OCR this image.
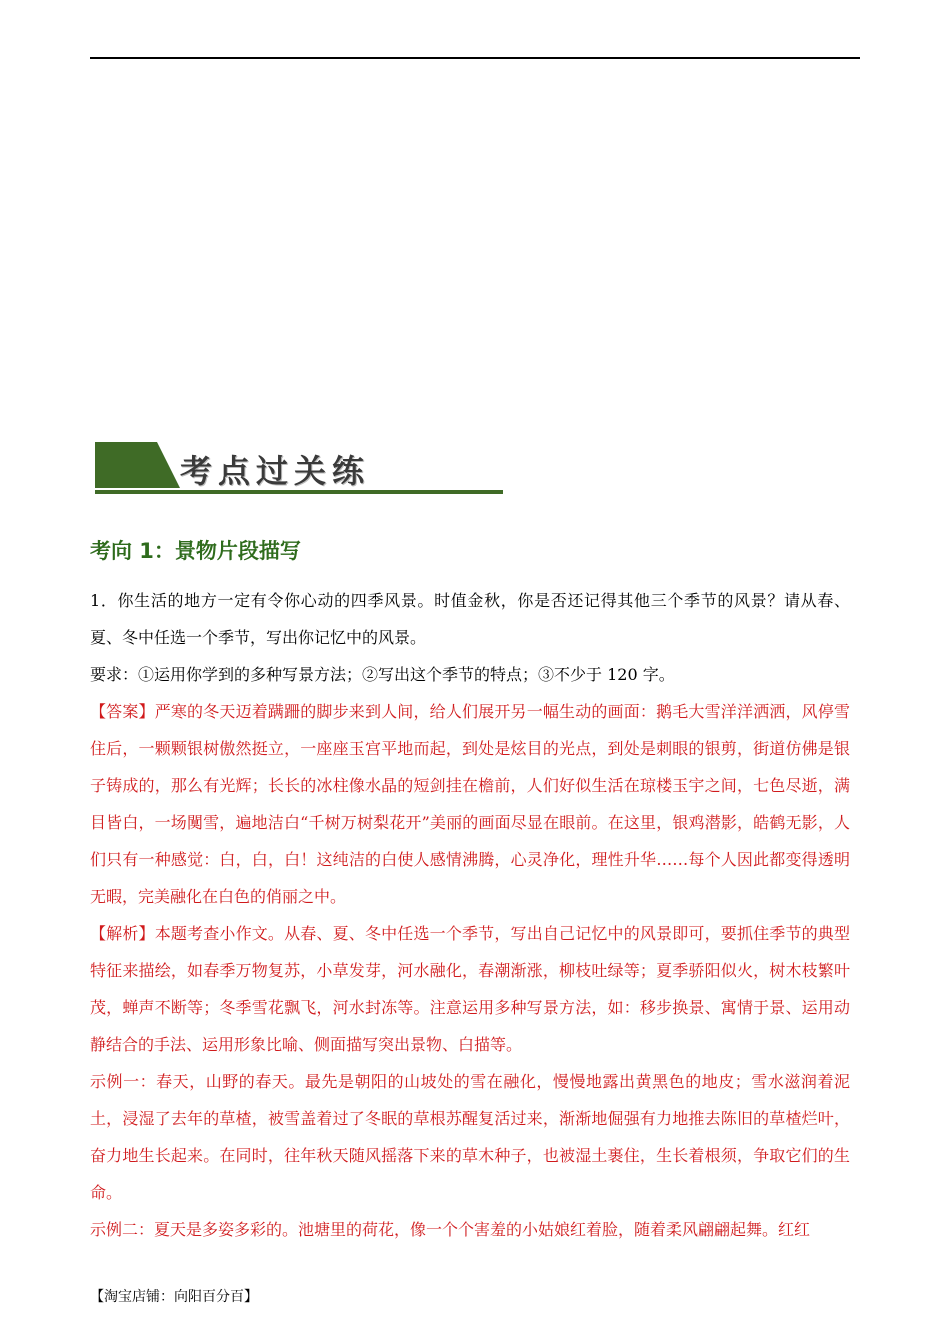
考点过关练
考向 1：景物片段描写

1．你生活的地方一定有令你心动的四季风景。时值金秋，你是否还记得其他三个季节的风景？请从春、夏、冬中任选一个季节，写出你记忆中的风景。

要求：①运用你学到的多种写景方法；②写出这个季节的特点；③不少于 120 字。

【答案】严寒的冬天迈着蹒跚的脚步来到人间，给人们展开另一幅生动的画面：鹅毛大雪洋洋洒洒，风停雪住后，一颗颗银树傲然挺立，一座座玉宫平地而起，到处是炫目的光点，到处是刺眼的银剪，街道仿佛是银子铸成的，那么有光辉；长长的冰柱像水晶的短剑挂在檐前，人们好似生活在琼楼玉宇之间，七色尽逝，满目皆白，一场闃雪，遍地洁白“千树万树梨花开”美丽的画面尽显在眼前。在这里，银鸡潜影，皓鹤无影，人们只有一种感觉：白，白，白！这纯洁的白使人感情沸腾，心灵净化，理性升华……每个人因此都变得透明无暇，完美融化在白色的俏丽之中。

【解析】本题考查小作文。从春、夏、冬中任选一个季节，写出自己记忆中的风景即可，要抓住季节的典型特征来描绘，如春季万物复苏，小草发芽，河水融化，春潮渐涨，柳枝吐绿等；夏季骄阳似火，树木枝繁叶茂，蝉声不断等；冬季雪花飘飞，河水封冻等。注意运用多种写景方法，如：移步换景、寓情于景、运用动静结合的手法、运用形象比喻、侧面描写突出景物、白描等。

示例一：春天，山野的春天。最先是朝阳的山坡处的雪在融化，慢慢地露出黄黑色的地皮；雪水滋润着泥土，浸湿了去年的草楂，被雪盖着过了冬眠的草根苏醒复活过来，渐渐地倔强有力地推去陈旧的草楂烂叶，奋力地生长起来。在同时，往年秋天随风摇落下来的草木种子，也被湿土裹住，生长着根须，争取它们的生命。

示例二：夏天是多姿多彩的。池塘里的荷花，像一个个害羞的小姑娘红着脸，随着柔风翩翩起舞。红红

【淘宝店铺：向阳百分百】
